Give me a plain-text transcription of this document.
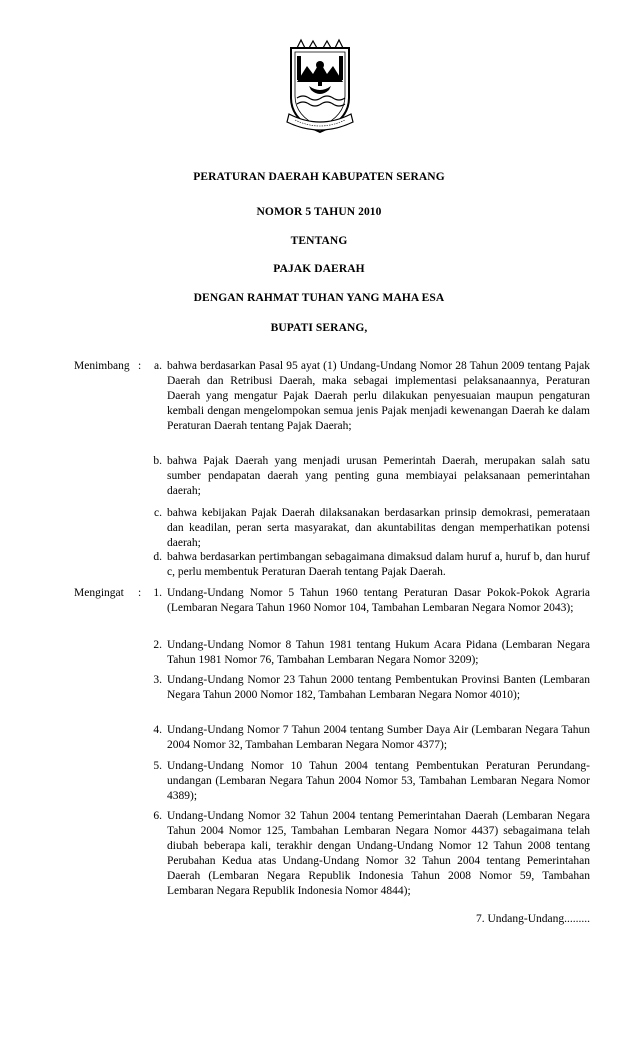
PERATURAN DAERAH KABUPATEN SERANG
NOMOR 5 TAHUN 2010
TENTANG
PAJAK DAERAH
DENGAN RAHMAT TUHAN YANG MAHA ESA
BUPATI SERANG,
Menimbang :	a. bahwa berdasarkan Pasal 95 ayat (1) Undang-Undang Nomor 28 Tahun 2009 tentang Pajak Daerah dan Retribusi Daerah, maka sebagai implementasi pelaksanaannya, Peraturan Daerah yang mengatur Pajak Daerah perlu dilakukan penyesuaian maupun pengaturan kembali dengan mengelompokan semua jenis Pajak menjadi kewenangan Daerah ke dalam Peraturan Daerah tentang Pajak Daerah;
b. bahwa Pajak Daerah yang menjadi urusan Pemerintah Daerah, merupakan salah satu sumber pendapatan daerah yang penting guna membiayai pelaksanaan pemerintahan daerah;
c. bahwa kebijakan Pajak Daerah dilaksanakan berdasarkan prinsip demokrasi, pemerataan dan keadilan, peran serta masyarakat, dan akuntabilitas dengan memperhatikan potensi daerah;
d. bahwa berdasarkan pertimbangan sebagaimana dimaksud dalam huruf a, huruf b, dan huruf c, perlu membentuk Peraturan Daerah tentang Pajak Daerah.
Mengingat :	1. Undang-Undang Nomor 5 Tahun 1960 tentang Peraturan Dasar Pokok-Pokok Agraria (Lembaran Negara Tahun 1960 Nomor 104, Tambahan Lembaran Negara Nomor 2043);
2. Undang-Undang Nomor 8 Tahun 1981 tentang Hukum Acara Pidana (Lembaran Negara Tahun 1981 Nomor 76, Tambahan Lembaran Negara Nomor 3209);
3. Undang-Undang Nomor 23 Tahun 2000 tentang Pembentukan Provinsi Banten (Lembaran Negara Tahun 2000 Nomor 182, Tambahan Lembaran Negara Nomor 4010);
4. Undang-Undang Nomor 7 Tahun 2004 tentang Sumber Daya Air (Lembaran Negara Tahun 2004 Nomor 32, Tambahan Lembaran Negara Nomor 4377);
5. Undang-Undang Nomor 10 Tahun 2004 tentang Pembentukan Peraturan Perundang-undangan (Lembaran Negara Tahun 2004 Nomor 53, Tambahan Lembaran Negara Nomor 4389);
6. Undang-Undang Nomor 32 Tahun 2004 tentang Pemerintahan Daerah (Lembaran Negara Tahun 2004 Nomor 125, Tambahan Lembaran Negara Nomor 4437) sebagaimana telah diubah beberapa kali, terakhir dengan Undang-Undang Nomor 12 Tahun 2008 tentang Perubahan Kedua atas Undang-Undang Nomor 32 Tahun 2004 tentang Pemerintahan Daerah (Lembaran Negara Republik Indonesia Tahun 2008 Nomor 59, Tambahan Lembaran Negara Republik Indonesia Nomor 4844);
7. Undang-Undang.........
